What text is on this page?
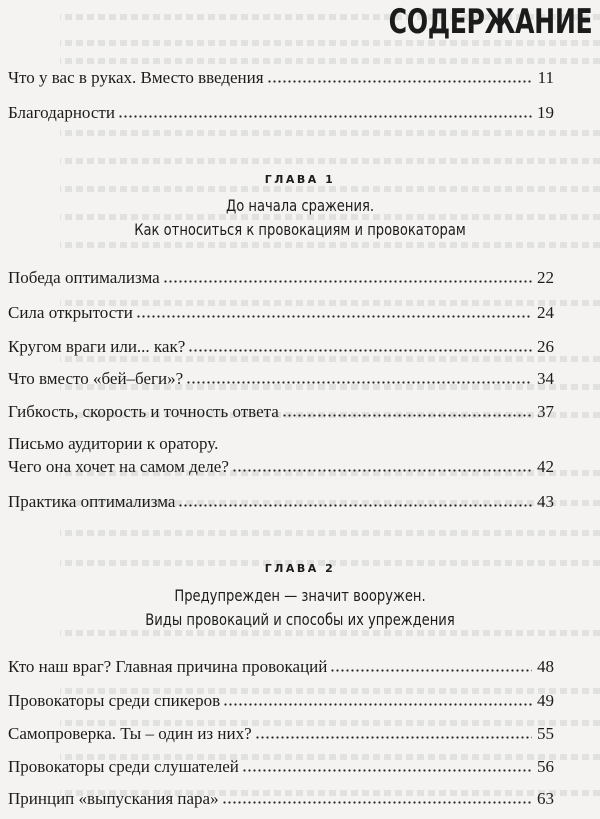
СОДЕРЖАНИЕ
Что у вас в руках. Вместо введения	11
Благодарности	19
ГЛАВА 1
До начала сражения.
Как относиться к провокациям и провокаторам
Победа оптимализма	22
Сила открытости	24
Кругом враги или... как?	26
Что вместо «бей–беги»?	34
Гибкость, скорость и точность ответа	37
Письмо аудитории к оратору.
Чего она хочет на самом деле?	42
Практика оптимализма	43
ГЛАВА 2
Предупрежден — значит вооружен.
Виды провокаций и способы их упреждения
Кто наш враг? Главная причина провокаций	48
Провокаторы среди спикеров	49
Самопроверка. Ты – один из них?	55
Провокаторы среди слушателей	56
Принцип «выпускания пара»	63
